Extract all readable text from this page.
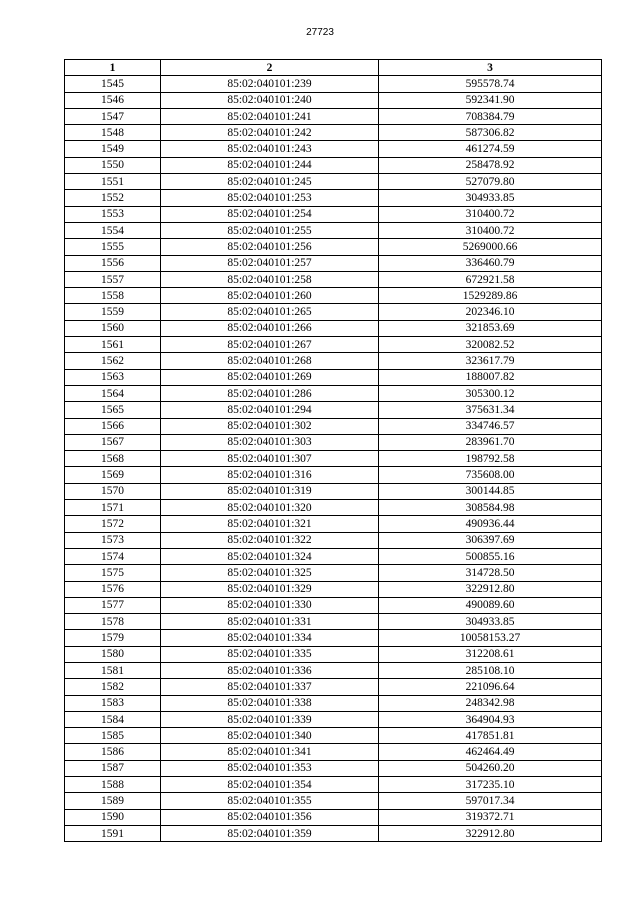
27723
1	2	3
1545	85:02:040101:239	595578.74
1546	85:02:040101:240	592341.90
1547	85:02:040101:241	708384.79
1548	85:02:040101:242	587306.82
1549	85:02:040101:243	461274.59
1550	85:02:040101:244	258478.92
1551	85:02:040101:245	527079.80
1552	85:02:040101:253	304933.85
1553	85:02:040101:254	310400.72
1554	85:02:040101:255	310400.72
1555	85:02:040101:256	5269000.66
1556	85:02:040101:257	336460.79
1557	85:02:040101:258	672921.58
1558	85:02:040101:260	1529289.86
1559	85:02:040101:265	202346.10
1560	85:02:040101:266	321853.69
1561	85:02:040101:267	320082.52
1562	85:02:040101:268	323617.79
1563	85:02:040101:269	188007.82
1564	85:02:040101:286	305300.12
1565	85:02:040101:294	375631.34
1566	85:02:040101:302	334746.57
1567	85:02:040101:303	283961.70
1568	85:02:040101:307	198792.58
1569	85:02:040101:316	735608.00
1570	85:02:040101:319	300144.85
1571	85:02:040101:320	308584.98
1572	85:02:040101:321	490936.44
1573	85:02:040101:322	306397.69
1574	85:02:040101:324	500855.16
1575	85:02:040101:325	314728.50
1576	85:02:040101:329	322912.80
1577	85:02:040101:330	490089.60
1578	85:02:040101:331	304933.85
1579	85:02:040101:334	10058153.27
1580	85:02:040101:335	312208.61
1581	85:02:040101:336	285108.10
1582	85:02:040101:337	221096.64
1583	85:02:040101:338	248342.98
1584	85:02:040101:339	364904.93
1585	85:02:040101:340	417851.81
1586	85:02:040101:341	462464.49
1587	85:02:040101:353	504260.20
1588	85:02:040101:354	317235.10
1589	85:02:040101:355	597017.34
1590	85:02:040101:356	319372.71
1591	85:02:040101:359	322912.80
